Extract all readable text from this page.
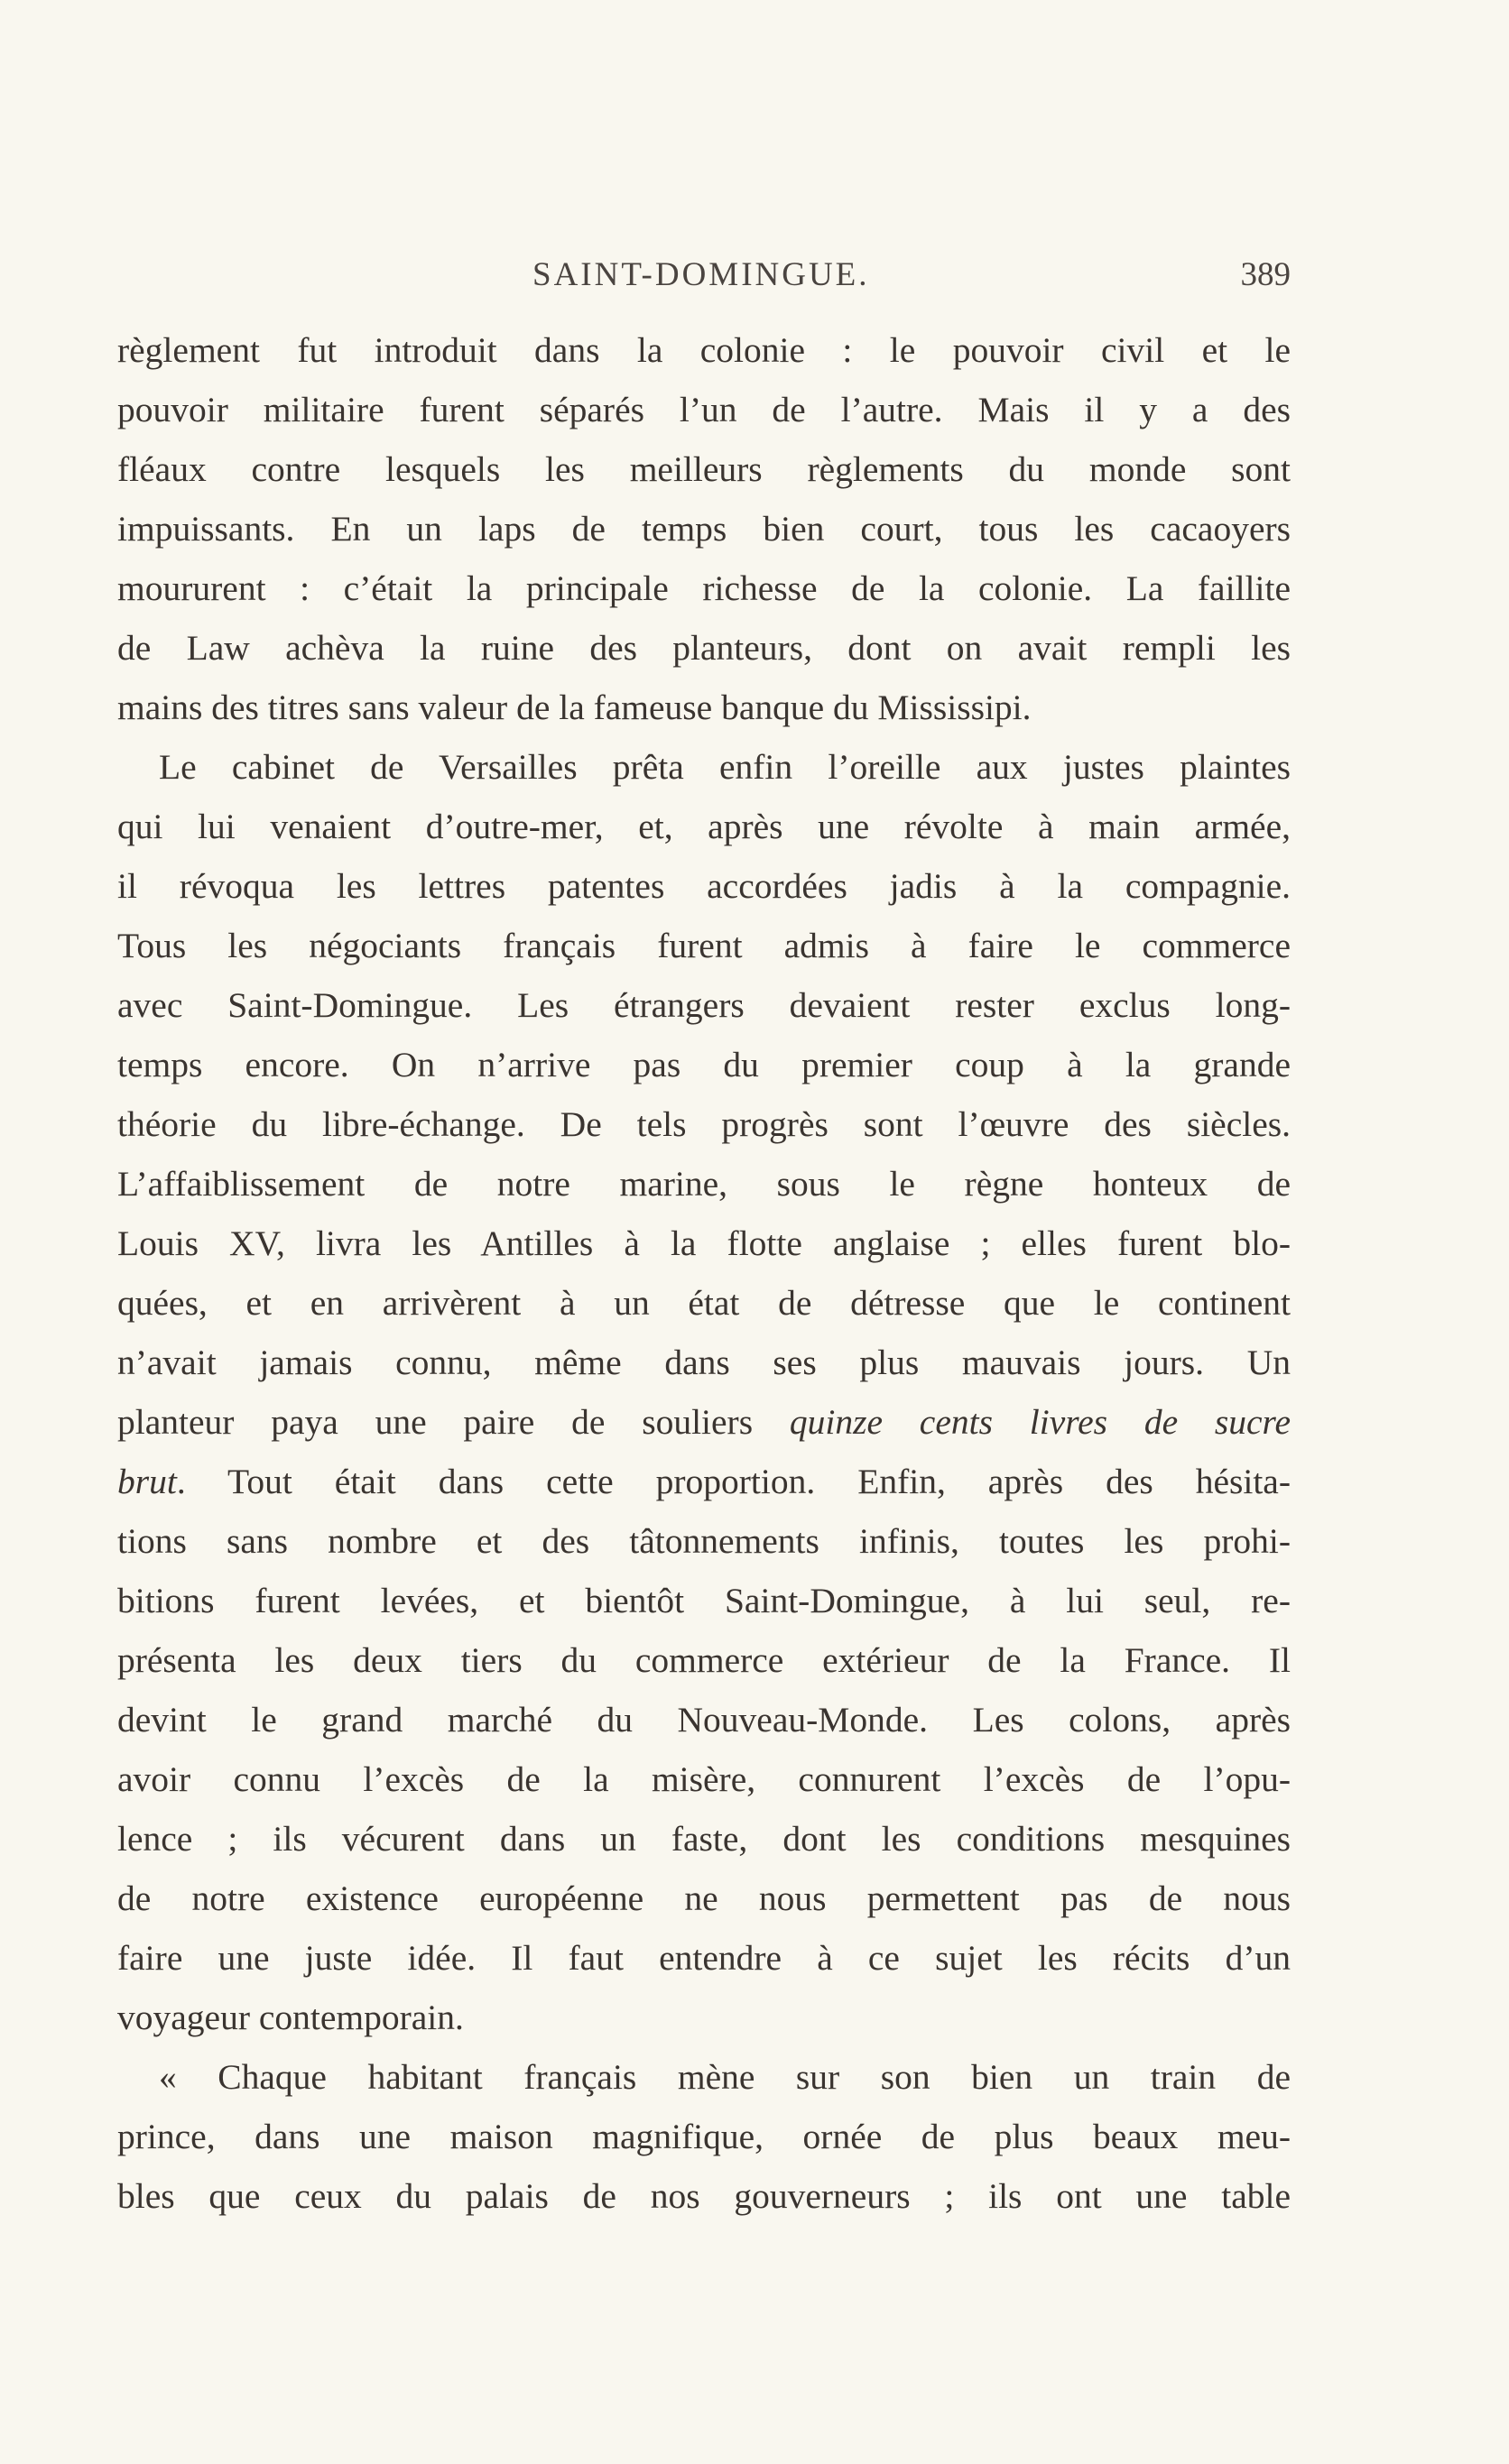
SAINT-DOMINGUE.	389
règlement fut introduit dans la colonie : le pouvoir civil et le
pouvoir militaire furent séparés l’un de l’autre. Mais il y a des
fléaux contre lesquels les meilleurs règlements du monde sont
impuissants. En un laps de temps bien court, tous les cacaoyers
moururent : c’était la principale richesse de la colonie. La faillite
de Law achèva la ruine des planteurs, dont on avait rempli les
mains des titres sans valeur de la fameuse banque du Mississipi.
Le cabinet de Versailles prêta enfin l’oreille aux justes plaintes
qui lui venaient d’outre-mer, et, après une révolte à main armée,
il révoqua les lettres patentes accordées jadis à la compagnie.
Tous les négociants français furent admis à faire le commerce
avec Saint-Domingue. Les étrangers devaient rester exclus long-
temps encore. On n’arrive pas du premier coup à la grande
théorie du libre-échange. De tels progrès sont l’œuvre des siècles.
L’affaiblissement de notre marine, sous le règne honteux de
Louis XV, livra les Antilles à la flotte anglaise ; elles furent blo-
quées, et en arrivèrent à un état de détresse que le continent
n’avait jamais connu, même dans ses plus mauvais jours. Un
planteur paya une paire de souliers quinze cents livres de sucre
brut. Tout était dans cette proportion. Enfin, après des hésita-
tions sans nombre et des tâtonnements infinis, toutes les prohi-
bitions furent levées, et bientôt Saint-Domingue, à lui seul, re-
présenta les deux tiers du commerce extérieur de la France. Il
devint le grand marché du Nouveau-Monde. Les colons, après
avoir connu l’excès de la misère, connurent l’excès de l’opu-
lence ; ils vécurent dans un faste, dont les conditions mesquines
de notre existence européenne ne nous permettent pas de nous
faire une juste idée. Il faut entendre à ce sujet les récits d’un
voyageur contemporain.
« Chaque habitant français mène sur son bien un train de
prince, dans une maison magnifique, ornée de plus beaux meu-
bles que ceux du palais de nos gouverneurs ; ils ont une table
